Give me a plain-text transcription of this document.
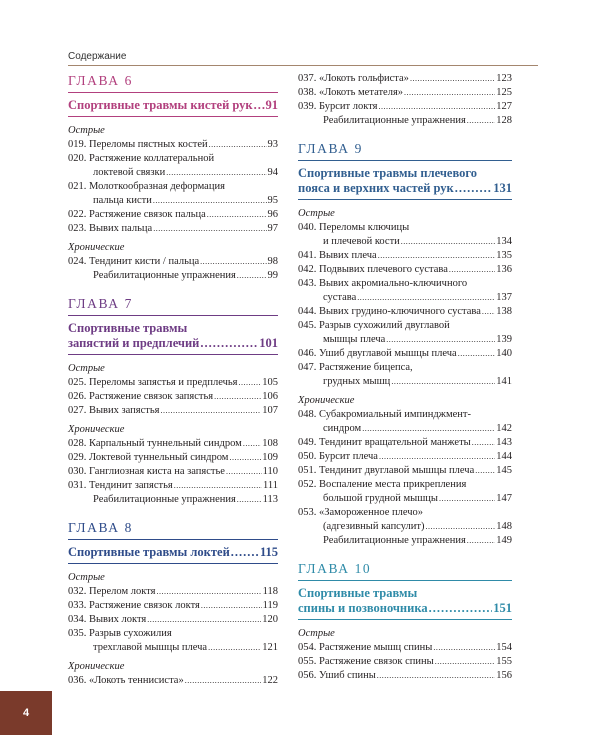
Содержание
ГЛАВА 6
Спортивные травмы кистей рук ..... 91
Острые
019. Переломы пястных костей .....	93
020. Растяжение коллатеральной
локтевой связки .....	94
021. Молоткообразная деформация
пальца кисти .....	95
022. Растяжение связок пальца .....	96
023. Вывих пальца .....	97
Хронические
024. Тендинит кисти / пальца .....	98
Реабилитационные упражнения .....	99
ГЛАВА 7
Спортивные травмы
запястий и предплечий .....	101
Острые
025. Переломы запястья и предплечья ..... 105
026. Растяжение связок запястья .....	106
027. Вывих запястья .....	107
Хронические
028. Карпальный туннельный синдром ..... 108
029. Локтевой туннельный синдром .....	109
030. Ганглиозная киста на запястье .....	110
031. Тендинит запястья .....	111
Реабилитационные упражнения .....	113
ГЛАВА 8
Спортивные травмы локтей ..... 115
Острые
032. Перелом локтя .....	118
033. Растяжение связок локтя .....	119
034. Вывих локтя .....	120
035. Разрыв сухожилия
трехглавой мышцы плеча .....	121
Хронические
036. «Локоть теннисиста» .....	122
037. «Локоть гольфиста» .....	123
038. «Локоть метателя» .....	125
039. Бурсит локтя .....	127
Реабилитационные упражнения .....	128
ГЛАВА 9
Спортивные травмы плечевого
пояса и верхних частей рук .....	131
Острые
040. Переломы ключицы
и плечевой кости .....	134
041. Вывих плеча .....	135
042. Подвывих плечевого сустава .....	136
043. Вывих акромиально-ключичного
сустава .....	137
044. Вывих грудино-ключичного сустава ..... 138
045. Разрыв сухожилий двуглавой
мышцы плеча .....	139
046. Ушиб двуглавой мышцы плеча .....	140
047. Растяжение бицепса,
грудных мышц .....	141
Хронические
048. Субакромиальный импинджмент-
синдром .....	142
049. Тендинит вращательной манжеты ..... 143
050. Бурсит плеча .....	144
051. Тендинит двуглавой мышцы плеча ..... 145
052. Воспаление места прикрепления
большой грудной мышцы .....	147
053. «Замороженное плечо»
(адгезивный капсулит) .....	148
Реабилитационные упражнения .....	149
ГЛАВА 10
Спортивные травмы
спины и позвоночника .....	151
Острые
054. Растяжение мышц спины .....	154
055. Растяжение связок спины .....	155
056. Ушиб спины .....	156
4
